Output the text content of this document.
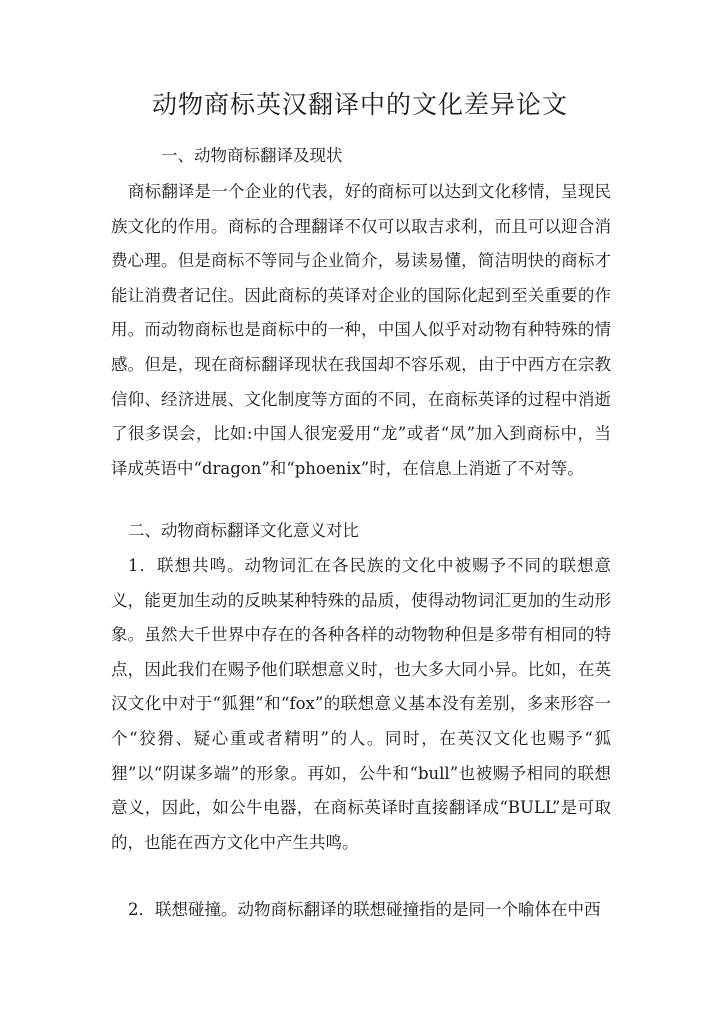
动物商标英汉翻译中的文化差异论文

一、动物商标翻译及现状

商标翻译是一个企业的代表，好的商标可以达到文化移情，呈现民族文化的作用。商标的合理翻译不仅可以取吉求利，而且可以迎合消费心理。但是商标不等同与企业简介，易读易懂，简洁明快的商标才能让消费者记住。因此商标的英译对企业的国际化起到至关重要的作用。而动物商标也是商标中的一种，中国人似乎对动物有种特殊的情感。但是，现在商标翻译现状在我国却不容乐观，由于中西方在宗教信仰、经济进展、文化制度等方面的不同，在商标英译的过程中消逝了很多误会，比如:中国人很宠爱用“龙”或者“凤”加入到商标中，当译成英语中“dragon”和“phoenix”时，在信息上消逝了不对等。

二、动物商标翻译文化意义对比

1．联想共鸣。动物词汇在各民族的文化中被赐予不同的联想意义，能更加生动的反映某种特殊的品质，使得动物词汇更加的生动形象。虽然大千世界中存在的各种各样的动物物种但是多带有相同的特点，因此我们在赐予他们联想意义时，也大多大同小异。比如，在英汉文化中对于“狐狸”和“fox”的联想意义基本没有差别，多来形容一个“狡猾、疑心重或者精明”的人。同时，在英汉文化也赐予“狐狸”以“阴谋多端”的形象。再如，公牛和“bull”也被赐予相同的联想意义，因此，如公牛电器，在商标英译时直接翻译成“BULL”是可取的，也能在西方文化中产生共鸣。

2．联想碰撞。动物商标翻译的联想碰撞指的是同一个喻体在中西
